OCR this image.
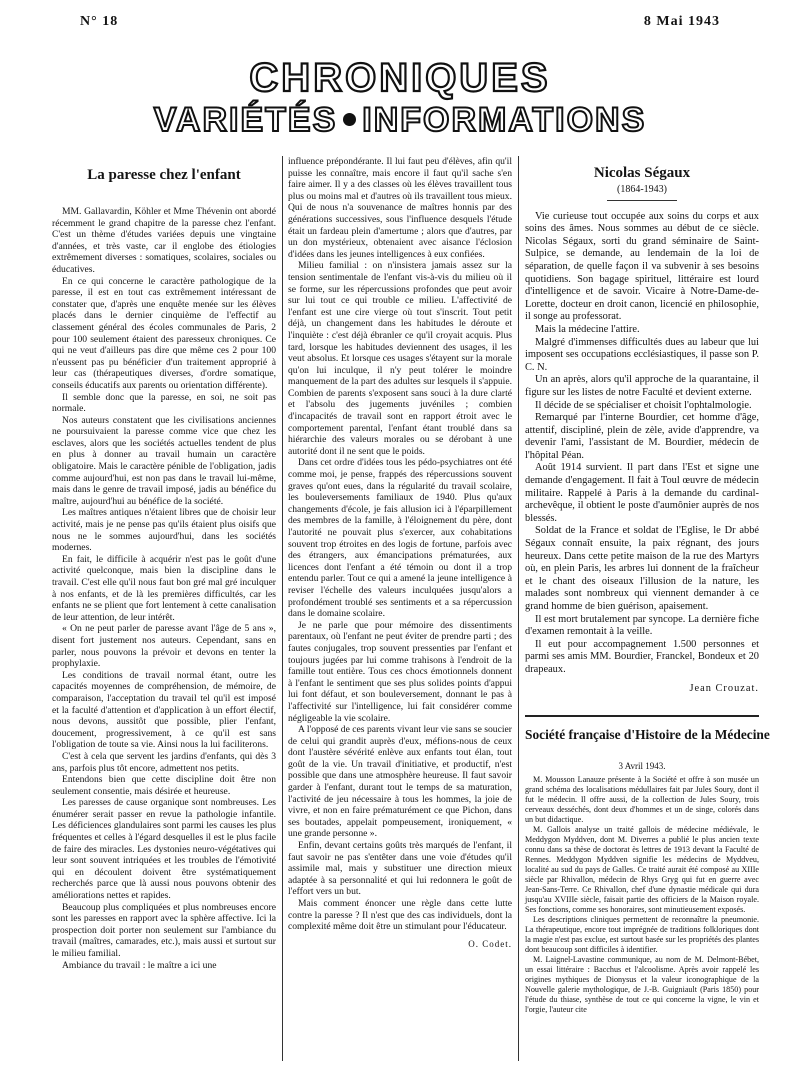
N° 18	8 Mai 1943
CHRONIQUES
VARIÉTÉS INFORMATIONS
La paresse chez l'enfant

MM. Gallavardin, Köhler et Mme Thévenin ont abordé récemment le grand chapitre de la paresse chez l'enfant. C'est un thème d'études variées depuis une vingtaine d'années, et très vaste, car il englobe des étiologies extrêmement diverses : somatiques, scolaires, sociales ou éducatives.

En ce qui concerne le caractère pathologique de la paresse, il est en tout cas extrêmement intéressant de constater que, d'après une enquête menée sur les élèves placés dans le dernier cinquième de l'effectif au classement général des écoles communales de Paris, 2 pour 100 seulement étaient des paresseux chroniques. Ce qui ne veut d'ailleurs pas dire que même ces 2 pour 100 n'eussent pas pu bénéficier d'un traitement approprié à leur cas (thérapeutiques diverses, d'ordre somatique, conseils éducatifs aux parents ou orientation différente).

Il semble donc que la paresse, en soi, ne soit pas normale.

Nos auteurs constatent que les civilisations anciennes ne poursuivaient la paresse comme vice que chez les esclaves, alors que les sociétés actuelles tendent de plus en plus à donner au travail humain un caractère obligatoire. Mais le caractère pénible de l'obligation, jadis comme aujourd'hui, est non pas dans le travail lui-même, mais dans le genre de travail imposé, jadis au bénéfice du maître, aujourd'hui au bénéfice de la société.

Les maîtres antiques n'étaient libres que de choisir leur activité, mais je ne pense pas qu'ils étaient plus oisifs que nous ne le sommes aujourd'hui, dans les sociétés modernes.

En fait, le difficile à acquérir n'est pas le goût d'une activité quelconque, mais bien la discipline dans le travail. C'est elle qu'il nous faut bon gré mal gré inculquer à nos enfants, et de là les premières difficultés, car les enfants ne se plient que fort lentement à cette canalisation de leur attention, de leur intérêt.

« On ne peut parler de paresse avant l'âge de 5 ans », disent fort justement nos auteurs. Cependant, sans en parler, nous pouvons la prévoir et devons en tenter la prophylaxie.

Les conditions de travail normal étant, outre les capacités moyennes de compréhension, de mémoire, de comparaison, l'acceptation du travail tel qu'il est imposé et la faculté d'attention et d'application à un effort électif, nous devons, aussitôt que possible, plier l'enfant, doucement, progressivement, à ce qu'il est sans l'obligation de toute sa vie. Ainsi nous la lui faciliterons.

C'est à cela que servent les jardins d'enfants, qui dès 3 ans, parfois plus tôt encore, admettent nos petits.

Entendons bien que cette discipline doit être non seulement consentie, mais désirée et heureuse.

Les paresses de cause organique sont nombreuses. Les énumérer serait passer en revue la pathologie infantile. Les déficiences glandulaires sont parmi les causes les plus fréquentes et celles à l'égard desquelles il est le plus facile de faire des miracles. Les dystonies neuro-végétatives qui leur sont souvent intriquées et les troubles de l'émotivité qui en découlent doivent être systématiquement recherchés parce que là aussi nous pouvons obtenir des améliorations nettes et rapides.

Beaucoup plus compliquées et plus nombreuses encore sont les paresses en rapport avec la sphère affective. Ici la prospection doit porter non seulement sur l'ambiance du travail (maîtres, camarades, etc.), mais aussi et surtout sur le milieu familial.

Ambiance du travail : le maître a ici une

influence prépondérante. Il lui faut peu d'élèves, afin qu'il puisse les connaître, mais encore il faut qu'il sache s'en faire aimer. Il y a des classes où les élèves travaillent tous plus ou moins mal et d'autres où ils travaillent tous mieux. Qui de nous n'a souvenance de maîtres honnis par des générations successives, sous l'influence desquels l'étude était un fardeau plein d'amertume ; alors que d'autres, par un don mystérieux, obtenaient avec aisance l'éclosion d'idées dans les jeunes intelligences à eux confiées.

Milieu familial : on n'insistera jamais assez sur la tension sentimentale de l'enfant vis-à-vis du milieu où il se forme, sur les répercussions profondes que peut avoir sur lui tout ce qui trouble ce milieu. L'affectivité de l'enfant est une cire vierge où tout s'inscrit. Tout petit déjà, un changement dans les habitudes le déroute et l'inquiète : c'est déjà ébranler ce qu'il croyait acquis. Plus tard, lorsque les habitudes deviennent des usages, il les veut absolus. Et lorsque ces usages s'étayent sur la morale qu'on lui inculque, il n'y peut tolérer le moindre manquement de la part des adultes sur lesquels il s'appuie. Combien de parents s'exposent sans souci à la dure clarté et l'absolu des jugements juvéniles ; combien d'incapacités de travail sont en rapport étroit avec le comportement parental, l'enfant étant troublé dans sa hiérarchie des valeurs morales ou se dérobant à une autorité dont il ne sent que le poids.

Dans cet ordre d'idées tous les pédo-psychiatres ont été comme moi, je pense, frappés des répercussions souvent graves qu'ont eues, dans la régularité du travail scolaire, les bouleversements familiaux de 1940. Plus qu'aux changements d'école, je fais allusion ici à l'éparpillement des membres de la famille, à l'éloignement du père, dont l'autorité ne pouvait plus s'exercer, aux cohabitations souvent trop étroites en des logis de fortune, parfois avec des étrangers, aux émancipations prématurées, aux licences dont l'enfant a été témoin ou dont il a trop entendu parler. Tout ce qui a amené la jeune intelligence à reviser l'échelle des valeurs inculquées jusqu'alors a profondément troublé ses sentiments et a sa répercussion dans le domaine scolaire.

Je ne parle que pour mémoire des dissentiments parentaux, où l'enfant ne peut éviter de prendre parti ; des fautes conjugales, trop souvent pressenties par l'enfant et toujours jugées par lui comme trahisons à l'endroit de la famille tout entière. Tous ces chocs émotionnels donnent à l'enfant le sentiment que ses plus solides points d'appui lui font défaut, et son bouleversement, donnant le pas à l'affectivité sur l'intelligence, lui fait considérer comme négligeable la vie scolaire.

A l'opposé de ces parents vivant leur vie sans se soucier de celui qui grandit auprès d'eux, méfions-nous de ceux dont l'austère sévérité enlève aux enfants tout élan, tout goût de la vie. Un travail d'initiative, et productif, n'est possible que dans une atmosphère heureuse. Il faut savoir garder à l'enfant, durant tout le temps de sa maturation, l'activité de jeu nécessaire à tous les hommes, la joie de vivre, et non en faire prématurément ce que Pichon, dans ses boutades, appelait pompeusement, ironiquement, « une grande personne ».

Enfin, devant certains goûts très marqués de l'enfant, il faut savoir ne pas s'entêter dans une voie d'études qu'il assimile mal, mais y substituer une direction mieux adaptée à sa personnalité et qui lui redonnera le goût de l'effort vers un but.

Mais comment énoncer une règle dans cette lutte contre la paresse ? Il n'est que des cas individuels, dont la complexité même doit être un stimulant pour l'éducateur.

O. Codet.

Nicolas Ségaux
(1864-1943)

Vie curieuse tout occupée aux soins du corps et aux soins des âmes. Nous sommes au début de ce siècle. Nicolas Ségaux, sorti du grand séminaire de Saint-Sulpice, se demande, au lendemain de la loi de séparation, de quelle façon il va subvenir à ses besoins quotidiens. Son bagage spirituel, littéraire est lourd d'intelligence et de savoir. Vicaire à Notre-Dame-de-Lorette, docteur en droit canon, licencié en philosophie, il songe au professorat.

Mais la médecine l'attire.

Malgré d'immenses difficultés dues au labeur que lui imposent ses occupations ecclésiastiques, il passe son P. C. N.

Un an après, alors qu'il approche de la quarantaine, il figure sur les listes de notre Faculté et devient externe.

Il décide de se spécialiser et choisit l'ophtalmologie.

Remarqué par l'interne Bourdier, cet homme d'âge, attentif, discipliné, plein de zèle, avide d'apprendre, va devenir l'ami, l'assistant de M. Bourdier, médecin de l'hôpital Péan.

Août 1914 survient. Il part dans l'Est et signe une demande d'engagement. Il fait à Toul œuvre de médecin militaire. Rappelé à Paris à la demande du cardinal-archevêque, il obtient le poste d'aumônier auprès de nos blessés.

Soldat de la France et soldat de l'Eglise, le Dr abbé Ségaux connaît ensuite, la paix régnant, des jours heureux. Dans cette petite maison de la rue des Martyrs où, en plein Paris, les arbres lui donnent de la fraîcheur et le chant des oiseaux l'illusion de la nature, les malades sont nombreux qui viennent demander à ce grand homme de bien guérison, apaisement.

Il est mort brutalement par syncope. La dernière fiche d'examen remontait à la veille.

Il eut pour accompagnement 1.500 personnes et parmi ses amis MM. Bourdier, Franckel, Bondeux et 20 drapeaux.

Jean Crouzat.

Société française d'Histoire de la Médecine
3 Avril 1943.

M. Mousson Lanauze présente à la Société et offre à son musée un grand schéma des localisations médullaires fait par Jules Soury, dont il fut le médecin. Il offre aussi, de la collection de Jules Soury, trois cerveaux desséchés, dont deux d'hommes et un de singe, colorés dans un but didactique.

M. Gallois analyse un traité gallois de médecine médiévale, le Meddygon Myddven, dont M. Diverres a publié le plus ancien texte connu dans sa thèse de doctorat ès lettres de 1913 devant la Faculté de Rennes. Meddygon Myddven signifie les médecins de Myddveu, localité au sud du pays de Galles. Ce traité aurait été composé au XIIIe siècle par Rhivallon, médecin de Rhys Gryg qui fut en guerre avec Jean-Sans-Terre. Ce Rhivallon, chef d'une dynastie médicale qui dura jusqu'au XVIIIe siècle, faisait partie des officiers de la Maison royale. Ses fonctions, comme ses honoraires, sont minutieusement exposés.

Les descriptions cliniques permettent de reconnaître la pneumonie. La thérapeutique, encore tout imprégnée de traditions folkloriques dont la magie n'est pas exclue, est surtout basée sur les propriétés des plantes dont beaucoup sont difficiles à identifier.

M. Laignel-Lavastine communique, au nom de M. Delmont-Bébet, un essai littéraire : Bacchus et l'alcoolisme. Après avoir rappelé les origines mythiques de Dionysus et la valeur iconographique de la Nouvelle galerie mythologique, de J.-B. Guigniault (Paris 1850) pour l'étude du thiase, synthèse de tout ce qui concerne la vigne, le vin et l'orgie, l'auteur cite
